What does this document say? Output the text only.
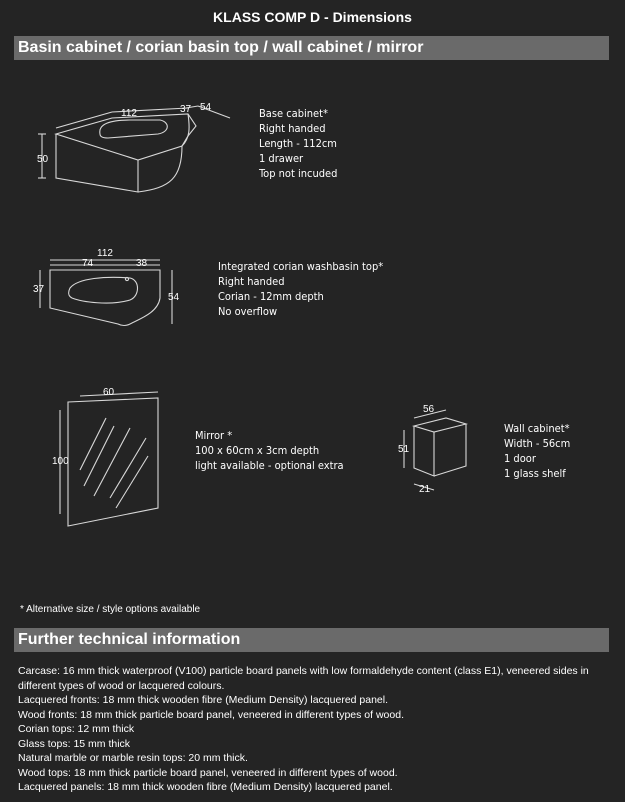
KLASS COMP D - Dimensions
Basin cabinet / corian basin top / wall cabinet / mirror
112	37 54
50
Base cabinet*
Right handed
Length - 112cm
1 drawer
Top not incuded
112
74	38
37
54
Integrated corian washbasin top*
Right handed
Corian - 12mm depth
No overflow
60
100
Mirror *
100 x 60cm x 3cm depth
light available - optional extra
56
51
21
Wall cabinet*
Width - 56cm
1 door
1 glass shelf
* Alternative size / style options available
Further technical information
Carcase: 16 mm thick waterproof (V100) particle board panels with low formaldehyde content (class E1), veneered sides in different types of wood or lacquered colours.
Lacquered fronts: 18 mm thick wooden fibre (Medium Density) lacquered panel.
Wood fronts: 18 mm thick particle board panel, veneered in different types of wood.
Corian tops: 12 mm thick
Glass tops: 15 mm thick
Natural marble or marble resin tops: 20 mm thick.
Wood tops: 18 mm thick particle board panel, veneered in different types of wood.
Lacquered panels: 18 mm thick wooden fibre (Medium Density) lacquered panel.
